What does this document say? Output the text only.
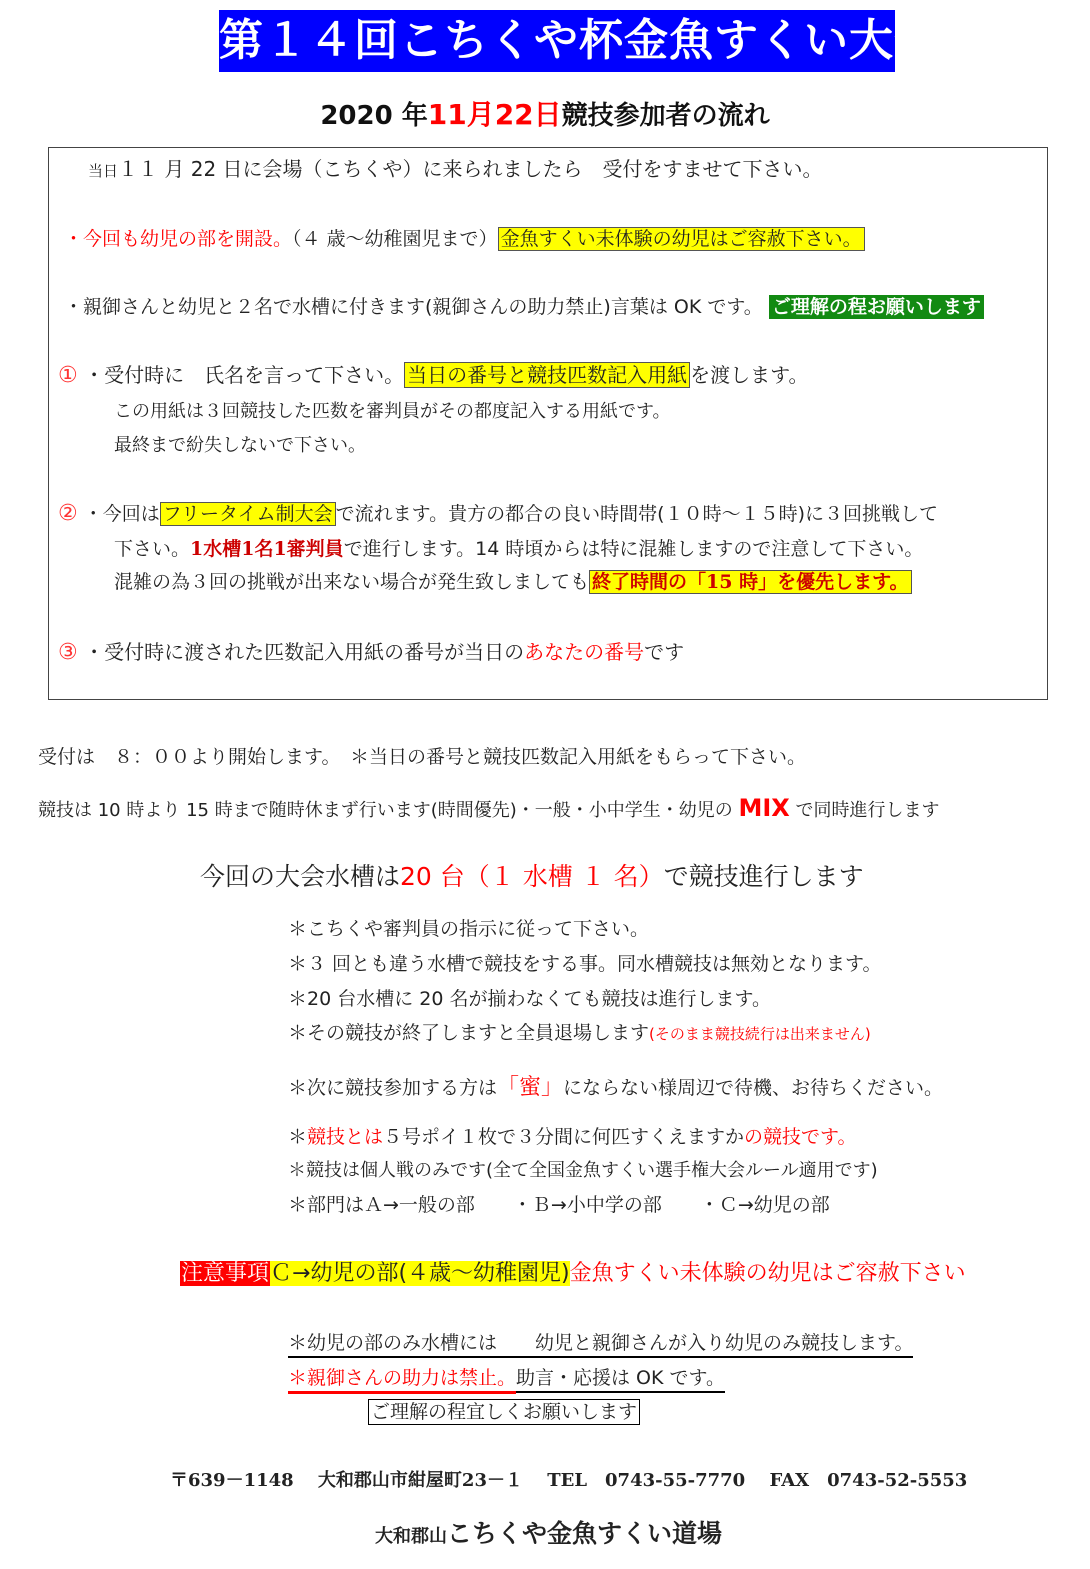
第１４回こちくや杯金魚すくい大会
2020 年11月22日競技参加者の流れ
当日１１ 月 22 日に会場（こちくや）に来られましたら　受付をすませて下さい。
・今回も幼児の部を開設。（４ 歳～幼稚園児まで） 金魚すくい未体験の幼児はご容赦下さい。
・親御さんと幼児と２名で水槽に付きます(親御さんの助力禁止)言葉は OK です。 ご理解の程お願いします
① ・受付時に　氏名を言って下さい。 当日の番号と競技匹数記入用紙 を渡します。
この用紙は３回競技した匹数を審判員がその都度記入する用紙です。
最終まで紛失しないで下さい。
② ・今回は フリータイム制大会 で流れます。貴方の都合の良い時間帯(１０時～１５時)に３回挑戦して
下さい。1水槽1名1審判員で進行します。14 時頃からは特に混雑しますので注意して下さい。
混雑の為３回の挑戦が出来ない場合が発生致しましても 終了時間の「15 時」を優先します。
③ ・受付時に渡された匹数記入用紙の番号が当日のあなたの番号です
受付は　８：００より開始します。　＊当日の番号と競技匹数記入用紙をもらって下さい。
競技は 10 時より 15 時まで随時休まず行います(時間優先)・一般・小中学生・幼児の MIX で同時進行します
今回の大会水槽は20 台（１ 水槽 １ 名）で競技進行します
＊こちくや審判員の指示に従って下さい。
＊３ 回とも違う水槽で競技をする事。同水槽競技は無効となります。
＊20 台水槽に 20 名が揃わなくても競技は進行します。
＊その競技が終了しますと全員退場します(そのまま競技続行は出来ません)
＊次に競技参加する方は「蜜」にならない様周辺で待機、お待ちください。
＊競技とは５号ポイ１枚で３分間に何匹すくえますかの競技です。
＊競技は個人戦のみです(全て全国金魚すくい選手権大会ルール適用です)
＊部門はＡ→一般の部　　・Ｂ→小中学の部　　・Ｃ→幼児の部
注意事項Ｃ→幼児の部(４歳～幼稚園児)金魚すくい未体験の幼児はご容赦下さい
＊幼児の部のみ水槽には　　幼児と親御さんが入り幼児のみ競技します。
＊親御さんの助力は禁止。助言・応援は OK です。
ご理解の程宜しくお願いします
〒639－1148　 大和郡山市紺屋町23－１　 TEL　0743-55-7770　 FAX　0743-52-5553
大和郡山こちくや金魚すくい道場
